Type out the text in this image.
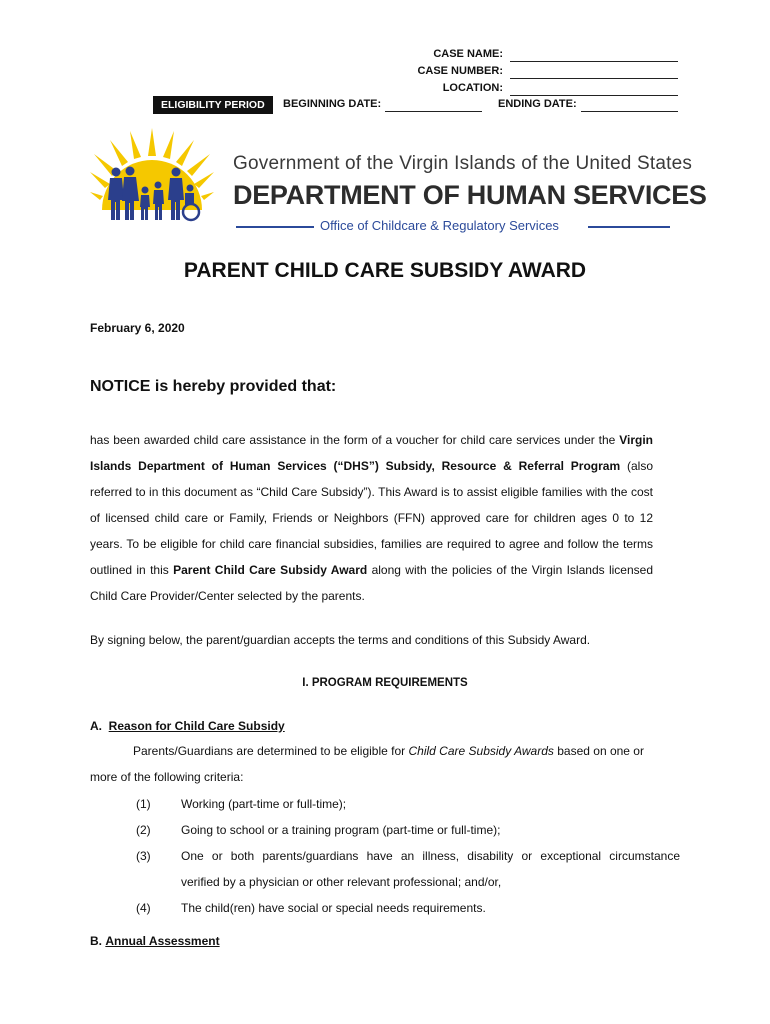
CASE NAME:
CASE NUMBER:
LOCATION:
ELIGIBILITY PERIOD	BEGINNING DATE:	ENDING DATE:
Government of the Virgin Islands of the United States
DEPARTMENT OF HUMAN SERVICES
Office of Childcare & Regulatory Services
PARENT CHILD CARE SUBSIDY AWARD
February 6, 2020
NOTICE is hereby provided that:
has been awarded child care assistance in the form of a voucher for child care services under the Virgin Islands Department of Human Services (“DHS”) Subsidy, Resource & Referral Program (also referred to in this document as “Child Care Subsidy”). This Award is to assist eligible families with the cost of licensed child care or Family, Friends or Neighbors (FFN) approved care for children ages 0 to 12 years. To be eligible for child care financial subsidies, families are required to agree and follow the terms outlined in this Parent Child Care Subsidy Award along with the policies of the Virgin Islands licensed Child Care Provider/Center selected by the parents.
By signing below, the parent/guardian accepts the terms and conditions of this Subsidy Award.
I. PROGRAM REQUIREMENTS
A. Reason for Child Care Subsidy
Parents/Guardians are determined to be eligible for Child Care Subsidy Awards based on one or
more of the following criteria:
(1)	Working (part-time or full-time);
(2)	Going to school or a training program (part-time or full-time);
(3)	One or both parents/guardians have an illness, disability or exceptional circumstance
verified by a physician or other relevant professional; and/or,
(4)	The child(ren) have social or special needs requirements.
B. Annual Assessment
